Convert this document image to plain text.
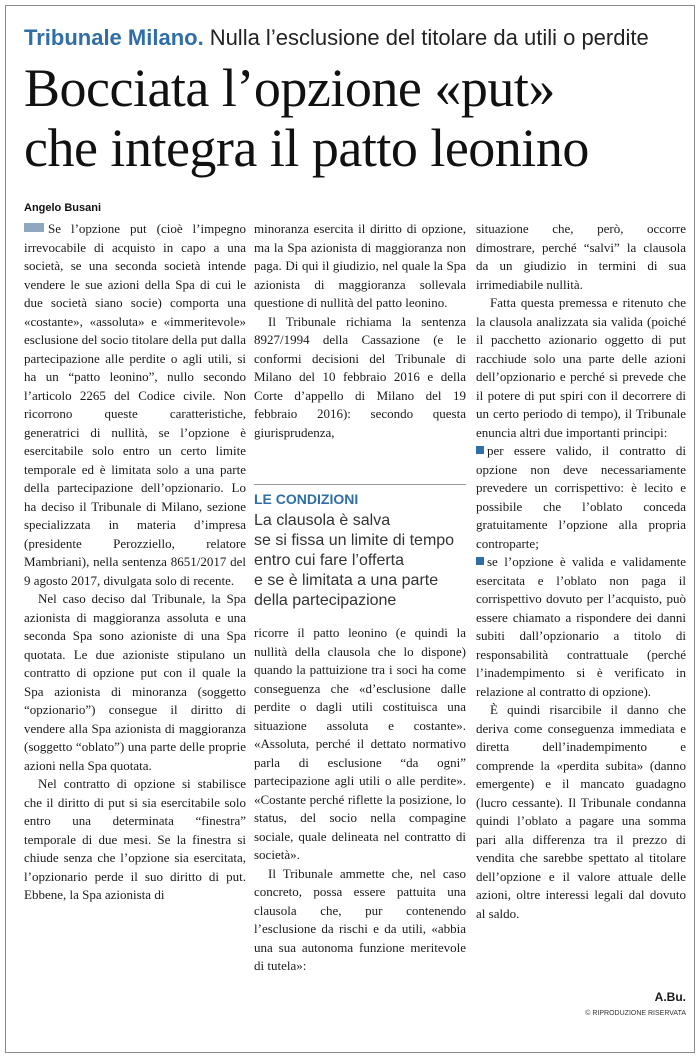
Tribunale Milano. Nulla l’esclusione del titolare da utili o perdite
Bocciata l’opzione «put»
che integra il patto leonino
Angelo Busani

Se l’opzione put (cioè l’impegno irrevocabile di acquisto in capo a una società, se una seconda società intende vendere le sue azioni della Spa di cui le due società siano socie) comporta una «costante», «assoluta» e «immeritevole» esclusione del socio titolare della put dalla partecipazione alle perdite o agli utili, si ha un “patto leonino”, nullo secondo l’articolo 2265 del Codice civile. Non ricorrono queste caratteristiche, generatrici di nullità, se l’opzione è esercitabile solo entro un certo limite temporale ed è limitata solo a una parte della partecipazione dell’opzionario. Lo ha deciso il Tribunale di Milano, sezione specializzata in materia d’impresa (presidente Perozziello, relatore Mambriani), nella sentenza 8651/2017 del 9 agosto 2017, divulgata solo di recente.

Nel caso deciso dal Tribunale, la Spa azionista di maggioranza assoluta e una seconda Spa sono azioniste di una Spa quotata. Le due azioniste stipulano un contratto di opzione put con il quale la Spa azionista di minoranza (soggetto “opzionario”) consegue il diritto di vendere alla Spa azionista di maggioranza (soggetto “oblato”) una parte delle proprie azioni nella Spa quotata.

Nel contratto di opzione si stabilisce che il diritto di put si sia esercitabile solo entro una determinata “finestra” temporale di due mesi. Se la finestra si chiude senza che l’opzione sia esercitata, l’opzionario perde il suo diritto di put. Ebbene, la Spa azionista di

minoranza esercita il diritto di opzione, ma la Spa azionista di maggioranza non paga. Di qui il giudizio, nel quale la Spa azionista di maggioranza sollevala questione di nullità del patto leonino.

Il Tribunale richiama la sentenza 8927/1994 della Cassazione (e le conformi decisioni del Tribunale di Milano del 10 febbraio 2016 e della Corte d’appello di Milano del 19 febbraio 2016): secondo questa giurisprudenza,

LE CONDIZIONI
La clausola è salva
se si fissa un limite di tempo
entro cui fare l’offerta
e se è limitata a una parte
della partecipazione

ricorre il patto leonino (e quindi la nullità della clausola che lo dispone) quando la pattuizione tra i soci ha come conseguenza che «d’esclusione dalle perdite o dagli utili costituisca una situazione assoluta e costante». «Assoluta, perché il dettato normativo parla di esclusione “da ogni” partecipazione agli utili o alle perdite». «Costante perché riflette la posizione, lo status, del socio nella compagine sociale, quale delineata nel contratto di società».

Il Tribunale ammette che, nel caso concreto, possa essere pattuita una clausola che, pur contenendo l’esclusione da rischi e da utili, «abbia una sua autonoma funzione meritevole di tutela»:

situazione che, però, occorre dimostrare, perché “salvi” la clausola da un giudizio in termini di sua irrimediabile nullità.

Fatta questa premessa e ritenuto che la clausola analizzata sia valida (poiché il pacchetto azionario oggetto di put racchiude solo una parte delle azioni dell’opzionario e perché si prevede che il potere di put spiri con il decorrere di un certo periodo di tempo), il Tribunale enuncia altri due importanti principi:

per essere valido, il contratto di opzione non deve necessariamente prevedere un corrispettivo: è lecito e possibile che l’oblato conceda gratuitamente l’opzione alla propria controparte;

se l’opzione è valida e validamente esercitata e l’oblato non paga il corrispettivo dovuto per l’acquisto, può essere chiamato a rispondere dei danni subiti dall’opzionario a titolo di responsabilità contrattuale (perché l’inadempimento si è verificato in relazione al contratto di opzione).

È quindi risarcibile il danno che deriva come conseguenza immediata e diretta dell’inadempimento e comprende la «perdita subita» (danno emergente) e il mancato guadagno (lucro cessante). Il Tribunale condanna quindi l’oblato a pagare una somma pari alla differenza tra il prezzo di vendita che sarebbe spettato al titolare dell’opzione e il valore attuale delle azioni, oltre interessi legali dal dovuto al saldo.

A.Bu.
© RIPRODUZIONE RISERVATA
